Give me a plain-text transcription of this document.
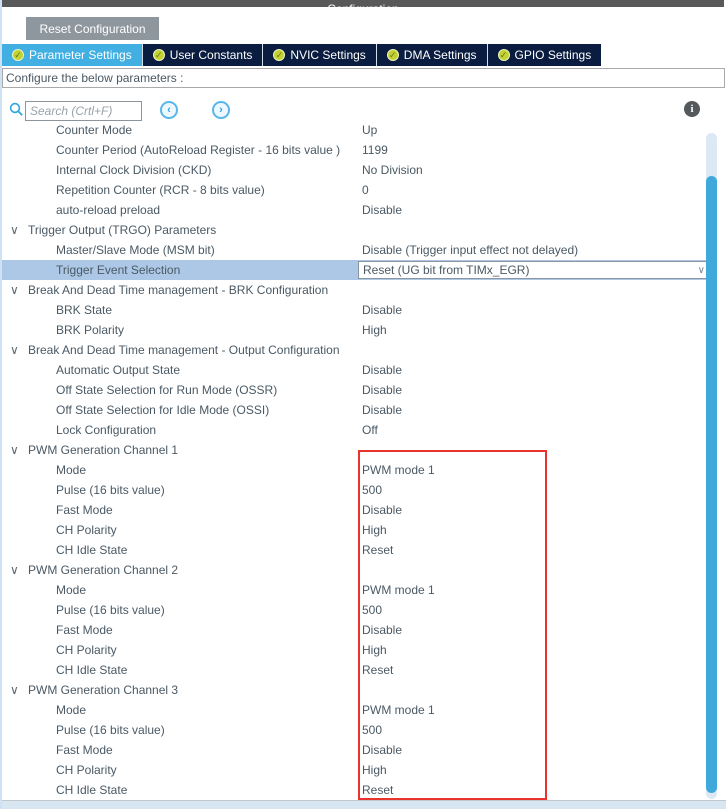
Configuration
Reset Configuration
✓ Parameter Settings	✓ User Constants	✓ NVIC Settings	✓ DMA Settings	✓ GPIO Settings
Configure the below parameters :
Search (Crtl+F)
‹	›	i
Counter Mode	Up
Counter Period (AutoReload Register - 16 bits value ) 1199
Internal Clock Division (CKD)	No Division
Repetition Counter (RCR - 8 bits value)	0
auto-reload preload	Disable
∨ Trigger Output (TRGO) Parameters
Master/Slave Mode (MSM bit)	Disable (Trigger input effect not delayed)
Trigger Event Selection	Reset (UG bit from TIMx_EGR)	∨
∨ Break And Dead Time management - BRK Configuration
BRK State	Disable
BRK Polarity	High
∨ Break And Dead Time management - Output Configuration
Automatic Output State	Disable
Off State Selection for Run Mode (OSSR)	Disable
Off State Selection for Idle Mode (OSSI)	Disable
Lock Configuration	Off
∨ PWM Generation Channel 1
Mode	PWM mode 1
Pulse (16 bits value)	500
Fast Mode	Disable
CH Polarity	High
CH Idle State	Reset
∨ PWM Generation Channel 2
Mode	PWM mode 1
Pulse (16 bits value)	500
Fast Mode	Disable
CH Polarity	High
CH Idle State	Reset
∨ PWM Generation Channel 3
Mode	PWM mode 1
Pulse (16 bits value)	500
Fast Mode	Disable
CH Polarity	High
CH Idle State	Reset
